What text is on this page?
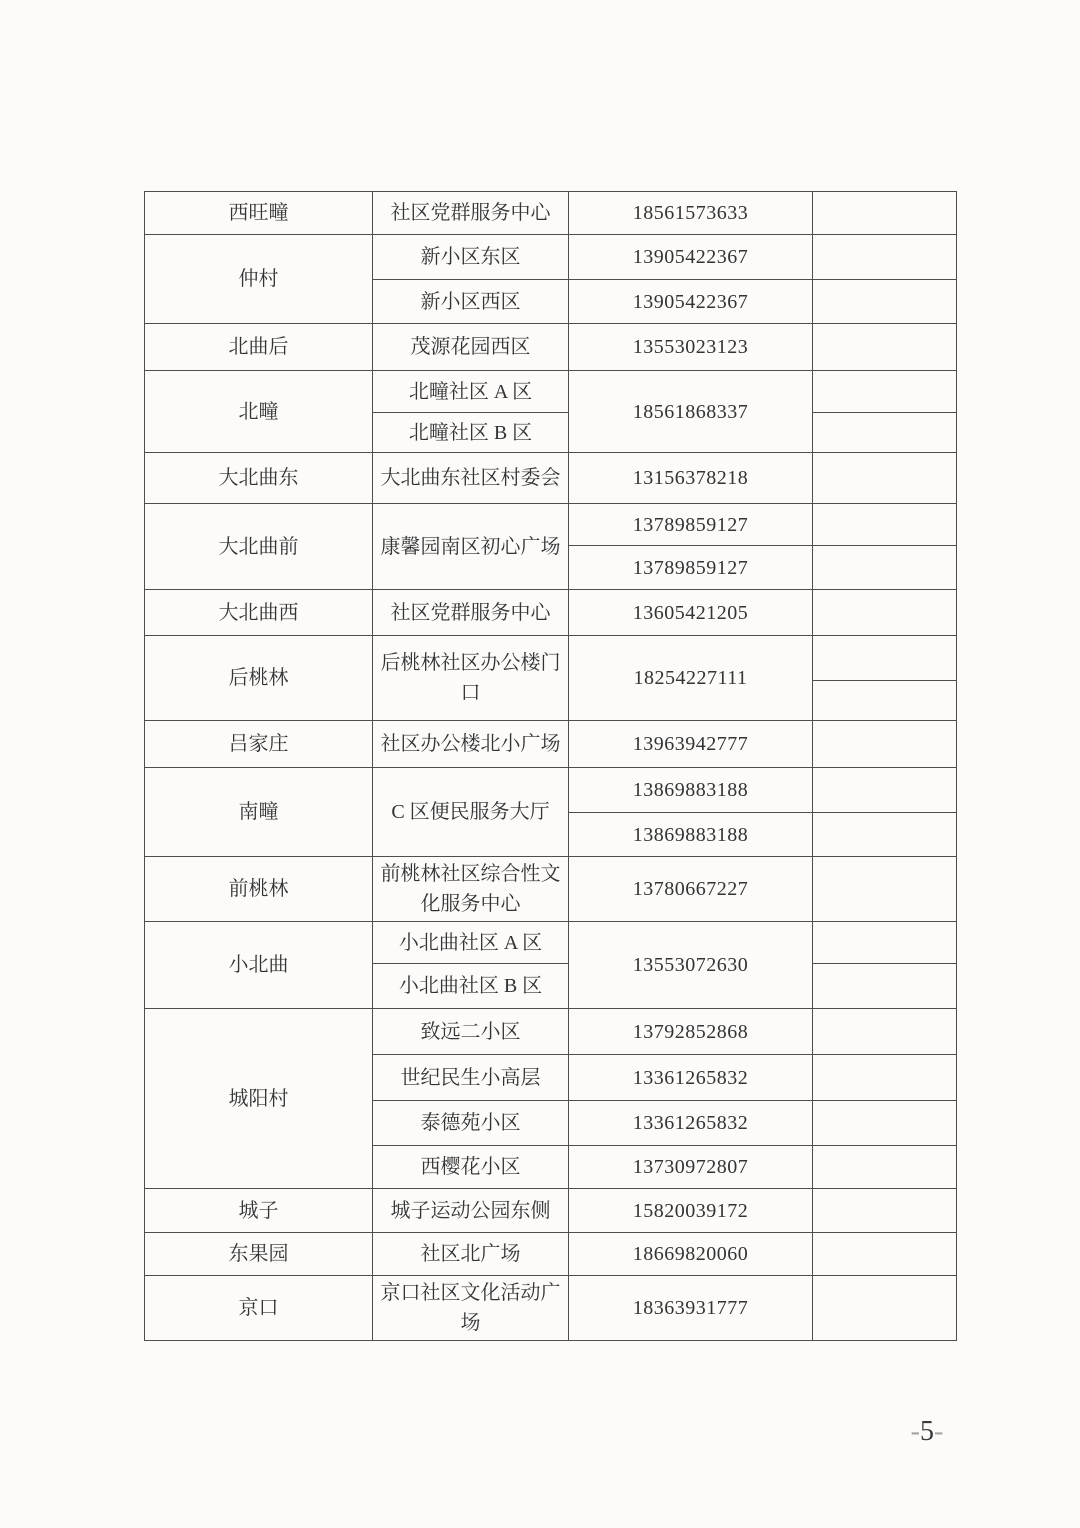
西旺疃	社区党群服务中心	18561573633	
仲村	新小区东区	13905422367	
	新小区西区	13905422367	
北曲后	茂源花园西区	13553023123	
北疃	北疃社区 A 区	18561868337	
	北疃社区 B 区		
大北曲东	大北曲东社区村委会	13156378218	
大北曲前	康馨园南区初心广场	13789859127	
		13789859127	
大北曲西	社区党群服务中心	13605421205	
后桃林	后桃林社区办公楼门口	18254227111	

吕家庄	社区办公楼北小广场	13963942777	
南疃	C 区便民服务大厅	13869883188	
		13869883188	
前桃林	前桃林社区综合性文化服务中心	13780667227	
小北曲	小北曲社区 A 区	13553072630	
	小北曲社区 B 区		
城阳村	致远二小区	13792852868	
	世纪民生小高层	13361265832	
	泰德苑小区	13361265832	
	西樱花小区	13730972807	
城子	城子运动公园东侧	15820039172	
东果园	社区北广场	18669820060	
京口	京口社区文化活动广场	18363931777	
-5-
